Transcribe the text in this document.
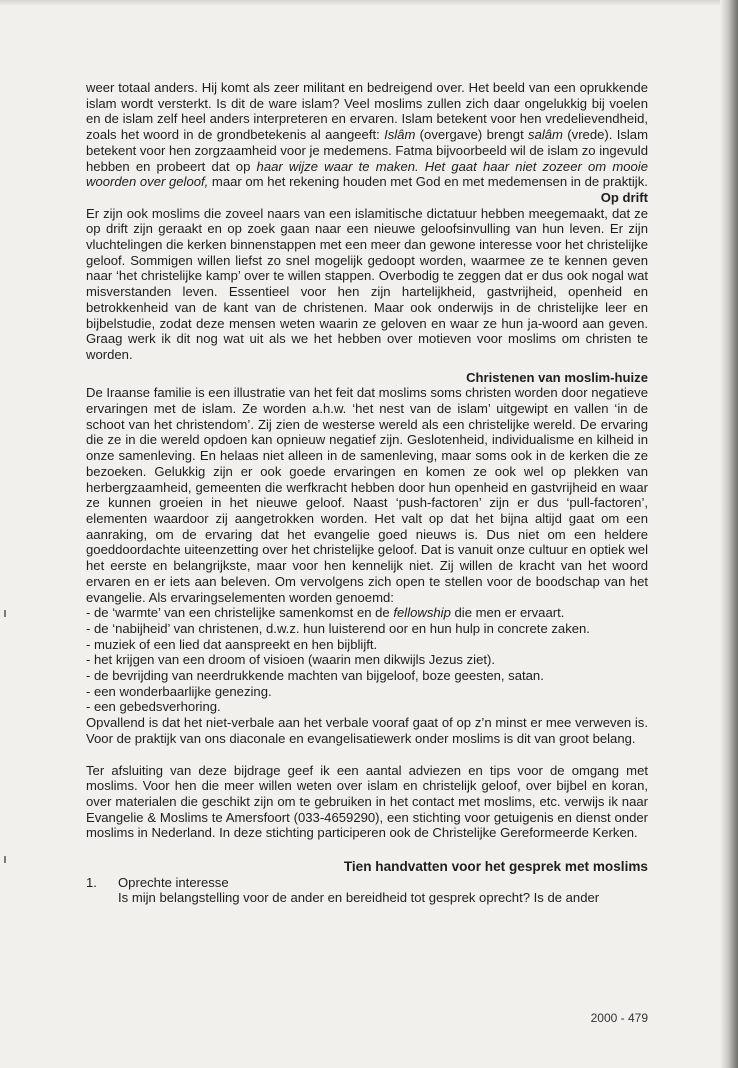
weer totaal anders. Hij komt als zeer militant en bedreigend over. Het beeld van een oprukkende islam wordt versterkt. Is dit de ware islam? Veel moslims zullen zich daar ongelukkig bij voelen en de islam zelf heel anders interpreteren en ervaren. Islam betekent voor hen vredelievendheid, zoals het woord in de grondbetekenis al aangeeft: Islâm (overgave) brengt salâm (vrede). Islam betekent voor hen zorgzaamheid voor je medemens. Fatma bijvoorbeeld wil de islam zo ingevuld hebben en probeert dat op haar wijze waar te maken. Het gaat haar niet zozeer om mooie woorden over geloof, maar om het rekening houden met God en met medemensen in de praktijk.

Op drift

Er zijn ook moslims die zoveel naars van een islamitische dictatuur hebben meegemaakt, dat ze op drift zijn geraakt en op zoek gaan naar een nieuwe geloofsinvulling van hun leven. Er zijn vluchtelingen die kerken binnenstappen met een meer dan gewone interesse voor het christelijke geloof. Sommigen willen liefst zo snel mogelijk gedoopt worden, waarmee ze te kennen geven naar ‘het christelijke kamp’ over te willen stappen. Overbodig te zeggen dat er dus ook nogal wat misverstanden leven. Essentieel voor hen zijn hartelijkheid, gastvrijheid, openheid en betrokkenheid van de kant van de christenen. Maar ook onderwijs in de christelijke leer en bijbelstudie, zodat deze mensen weten waarin ze geloven en waar ze hun ja-woord aan geven. Graag werk ik dit nog wat uit als we het hebben over motieven voor moslims om christen te worden.

Christenen van moslim-huize

De Iraanse familie is een illustratie van het feit dat moslims soms christen worden door negatieve ervaringen met de islam. Ze worden a.h.w. ‘het nest van de islam’ uitgewipt en vallen ‘in de schoot van het christendom’. Zij zien de westerse wereld als een christelijke wereld. De ervaring die ze in die wereld opdoen kan opnieuw negatief zijn. Geslotenheid, individualisme en kilheid in onze samenleving. En helaas niet alleen in de samenleving, maar soms ook in de kerken die ze bezoeken. Gelukkig zijn er ook goede ervaringen en komen ze ook wel op plekken van herbergzaamheid, gemeenten die werfkracht hebben door hun openheid en gastvrijheid en waar ze kunnen groeien in het nieuwe geloof. Naast ‘push-factoren’ zijn er dus ‘pull-factoren’, elementen waardoor zij aangetrokken worden. Het valt op dat het bijna altijd gaat om een aanraking, om de ervaring dat het evangelie goed nieuws is. Dus niet om een heldere goeddoordachte uiteenzetting over het christelijke geloof. Dat is vanuit onze cultuur en optiek wel het eerste en belangrijkste, maar voor hen kennelijk niet. Zij willen de kracht van het woord ervaren en er iets aan beleven. Om vervolgens zich open te stellen voor de boodschap van het evangelie. Als ervaringselementen worden genoemd:

- de ‘warmte’ van een christelijke samenkomst en de fellowship die men er ervaart.
- de ‘nabijheid’ van christenen, d.w.z. hun luisterend oor en hun hulp in concrete zaken.
- muziek of een lied dat aanspreekt en hen bijblijft.
- het krijgen van een droom of visioen (waarin men dikwijls Jezus ziet).
- de bevrijding van neerdrukkende machten van bijgeloof, boze geesten, satan.
- een wonderbaarlijke genezing.
- een gebedsverhoring.

Opvallend is dat het niet-verbale aan het verbale vooraf gaat of op z’n minst er mee verweven is. Voor de praktijk van ons diaconale en evangelisatiewerk onder moslims is dit van groot belang.

Ter afsluiting van deze bijdrage geef ik een aantal adviezen en tips voor de omgang met moslims. Voor hen die meer willen weten over islam en christelijk geloof, over bijbel en koran, over materialen die geschikt zijn om te gebruiken in het contact met moslims, etc. verwijs ik naar Evangelie & Moslims te Amersfoort (033-4659290), een stichting voor getuigenis en dienst onder moslims in Nederland. In deze stichting participeren ook de Christelijke Gereformeerde Kerken.

Tien handvatten voor het gesprek met moslims

1.	Oprechte interesse

Is mijn belangstelling voor de ander en bereidheid tot gesprek oprecht? Is de ander

2000 - 479
